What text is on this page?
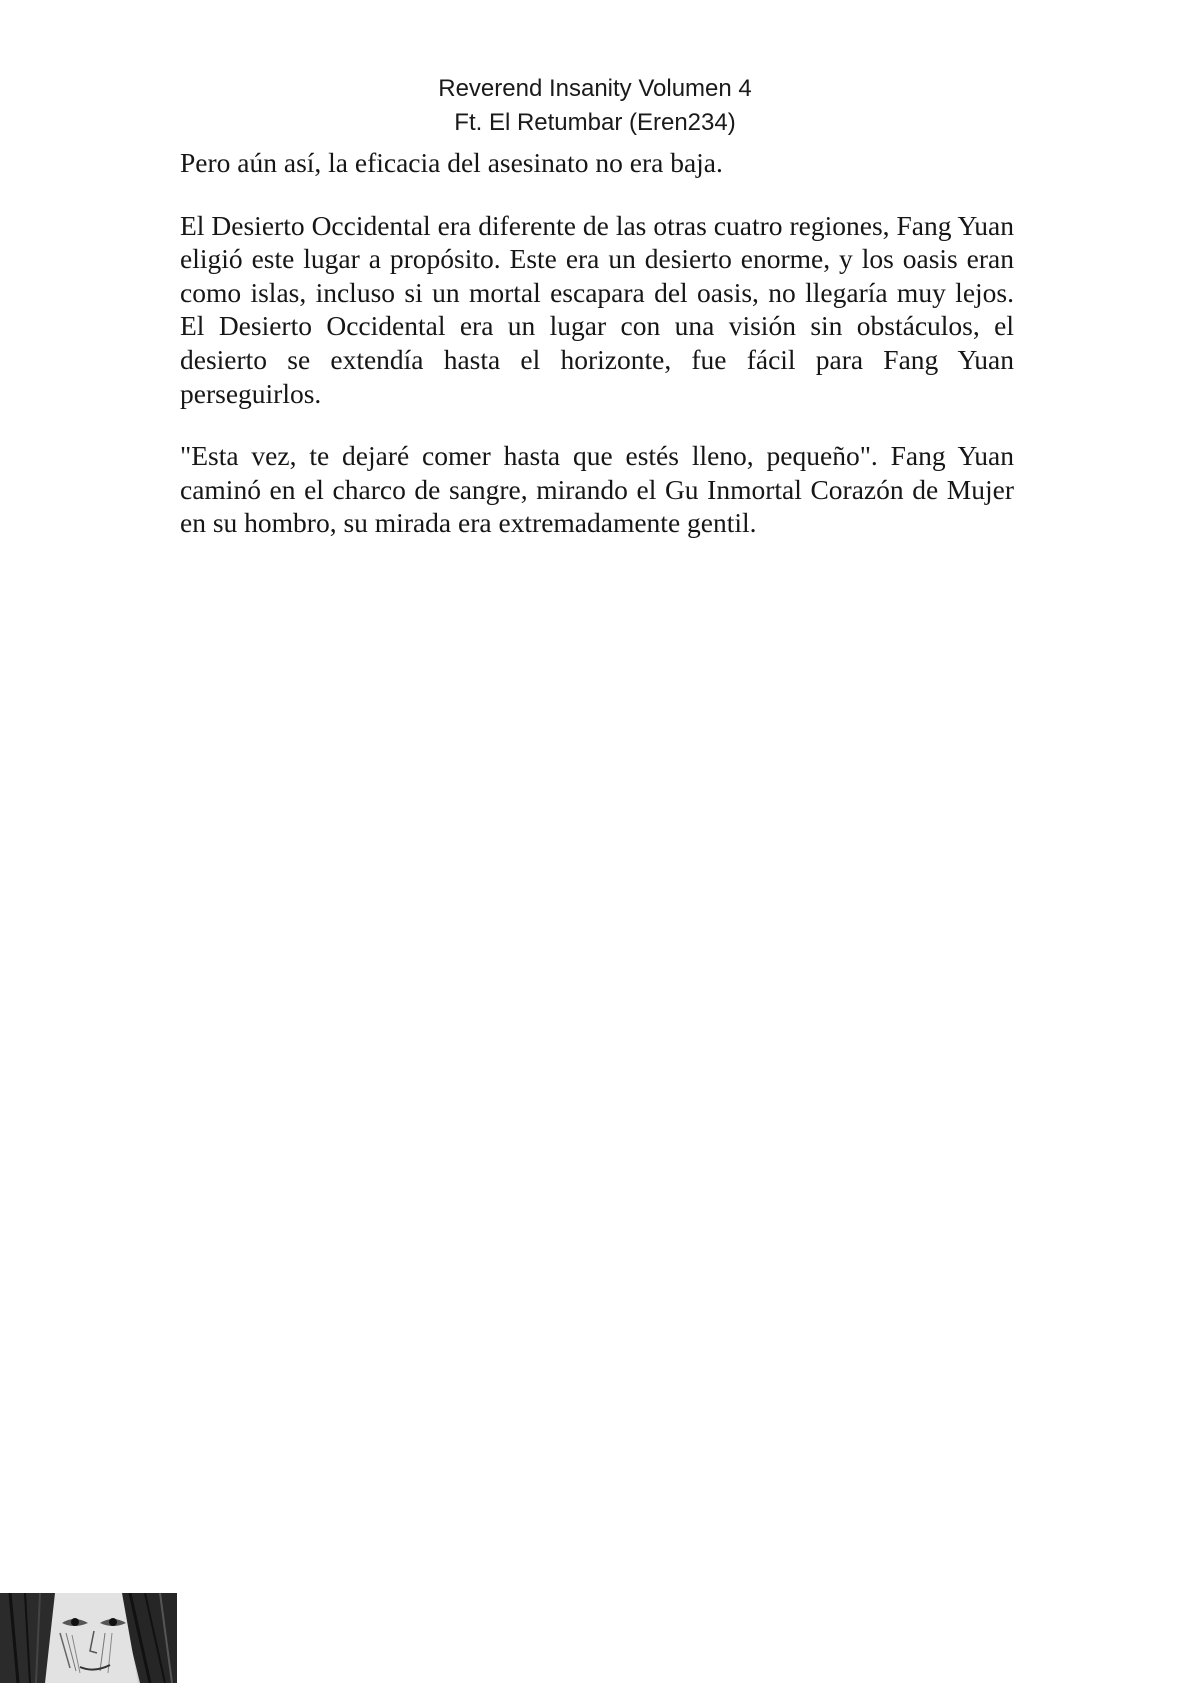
Reverend Insanity Volumen 4
Ft. El Retumbar (Eren234)

Pero aún así, la eficacia del asesinato no era baja.

El Desierto Occidental era diferente de las otras cuatro regiones, Fang Yuan eligió este lugar a propósito. Este era un desierto enorme, y los oasis eran como islas, incluso si un mortal escapara del oasis, no llegaría muy lejos. El Desierto Occidental era un lugar con una visión sin obstáculos, el desierto se extendía hasta el horizonte, fue fácil para Fang Yuan perseguirlos.

"Esta vez, te dejaré comer hasta que estés lleno, pequeño". Fang Yuan caminó en el charco de sangre, mirando el Gu Inmortal Corazón de Mujer en su hombro, su mirada era extremadamente gentil.
